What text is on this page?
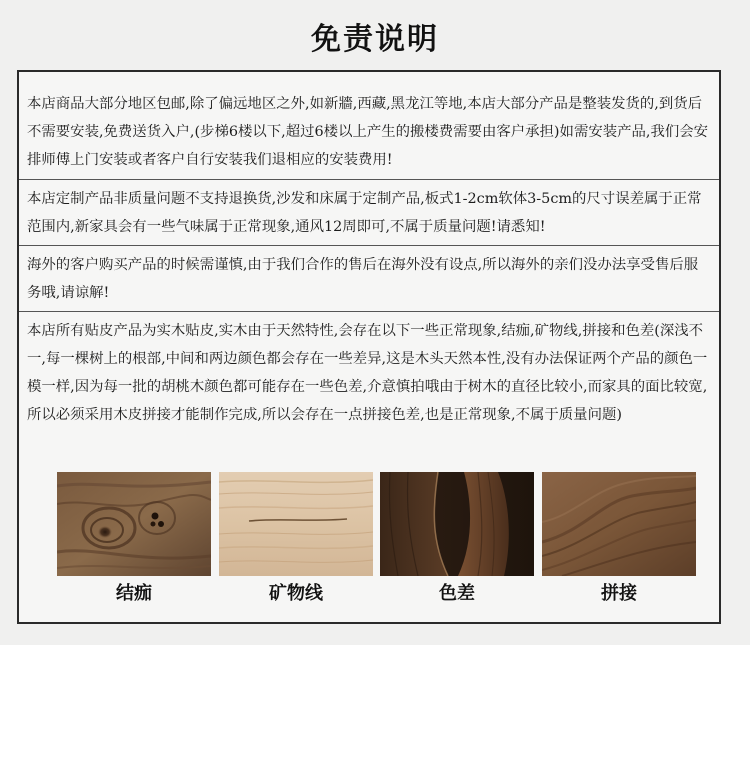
免责说明
本店商品大部分地区包邮,除了偏远地区之外,如新牆,西藏,黑龙江等地,本店大部分产品是整装发货的,到货后不需要安装,免费送货入户,(步梯6楼以下,超过6楼以上产生的搬楼费需要由客户承担)如需安装产品,我们会安排师傅上门安装或者客户自行安装我们退相应的安装费用!
本店定制产品非质量问题不支持退换货,沙发和床属于定制产品,板式1-2cm软体3-5cm的尺寸误差属于正常范围内,新家具会有一些气味属于正常现象,通风12周即可,不属于质量问题!请悉知!
海外的客户购买产品的时候需谨慎,由于我们合作的售后在海外没有设点,所以海外的亲们没办法享受售后服务哦,请谅解!
本店所有贴皮产品为实木贴皮,实木由于天然特性,会存在以下一些正常现象,结痂,矿物线,拼接和色差(深浅不一,每一棵树上的根部,中间和两边颜色都会存在一些差异,这是木头天然本性,没有办法保证两个产品的颜色一模一样,因为每一批的胡桃木颜色都可能存在一些色差,介意慎拍哦由于树木的直径比较小,而家具的面比较宽,所以必须采用木皮拼接才能制作完成,所以会存在一点拼接色差,也是正常现象,不属于质量问题)
结痂	矿物线	色差	拼接
